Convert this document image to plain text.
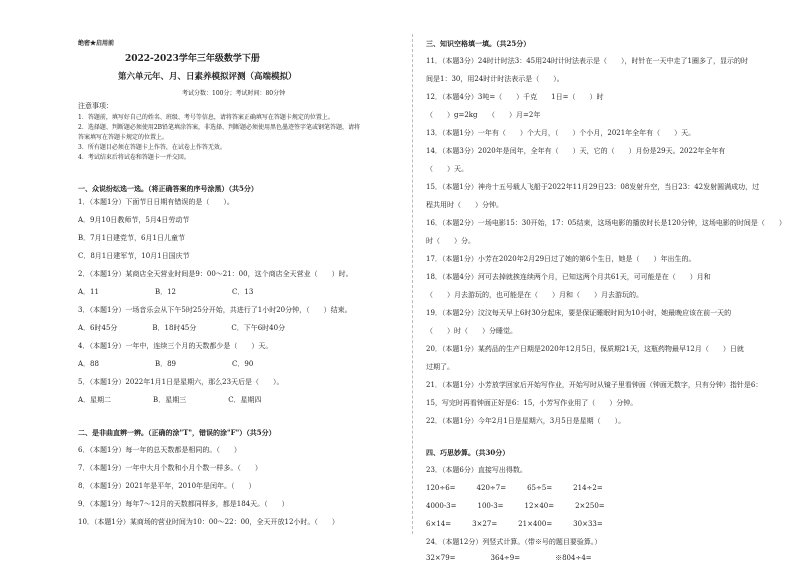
绝密★启用前
2022-2023学年三年级数学下册
第六单元年、月、日素养模拟评测（高端模拟）
考试分数：100分；考试时间：80分钟
注意事项：
1．答题前，填写好自己的姓名、班级、考号等信息，请将答案正确填写在答题卡规定的位置上。
2．选择题、判断题必须使用2B铅笔填涂答案，非选择、判断题必须使用黑色墨迹签字笔或钢笔答题，请将
答案填写在答题卡规定的位置上。
3．所有题目必须在答题卡上作答，在试卷上作答无效。
4．考试结束后将试卷和答题卡一并交回。
一、众说纷纭选一选。（将正确答案的序号涂黑）（共5分）
1．（本题1分）下面节日日期有错误的是（　　）。
A．9月10日教师节，5月4日劳动节
B．7月1日建党节，6月1日儿童节
C．8月1日建军节，10月1日国庆节
2．（本题1分）某商店全天营业时间是9：00～21：00，这个商店全天营业（　　）时。
A．11　　　　　　　　B．12　　　　　　　　C．13
3．（本题1分）一场音乐会从下午5时25分开始，共进行了1小时20分钟，（　　）结束。
A．6时45分　　　　　B．18时45分　　　　　C．下午6时40分
4．（本题1分）一年中，连续三个月的天数都少是（　　）天。
A．88　　　　　　　　B．89　　　　　　　　C．90
5．（本题1分）2022年1月1日是星期六，那么23天后是（　　）。
A．星期二　　　　　　B．星期三　　　　　　C．星期四
二、是非曲直辨一辨。（正确的涂"T"，错误的涂"F"）（共5分）
6．（本题1分）每一年的总天数都是相同的。（　　）
7．（本题1分）一年中大月个数和小月个数一样多。（　　）
8．（本题1分）2021年是平年，2010年是闰年。（　　）
9．（本题1分）每年7～12月的天数都同样多，都是184天。（　　）
10．（本题1分）某商场的营业时间为10：00～22：00，全天开放12小时。（　　）
三、知识空格填一填。（共25分）
11．（本题3分）24时计时法3：45用24时计时法表示是（　　），时针在一天中走了1圈多了，显示的时
间是1：30，用24时计时法表示是（　　）。
12．（本题4分）3吨=（　　）千克　　1日=（　　）时
（　　）g=2kg　　（　　）月=2年
13．（本题1分）一年有（　　）个大月，（　　）个小月，2021年全年有（　　）天。
14．（本题3分）2020年是闰年，全年有（　　）天，它的（　　）月份是29天。2022年全年有
（　　）天。
15．（本题1分）神舟十五号载人飞船于2022年11月29日23：08发射升空，当日23：42发射圆满成功，过
程共用时（　　）分钟。
16．（本题2分）一场电影15：30开始，17：05结束，这场电影的播放时长是120分钟，这场电影的时间是（　　）
时（　　）分。
17．（本题1分）小芳在2020年2月29日过了她的第6个生日，她是（　　）年出生的。
18．（本题4分）河可去掉就挨连续两个月，已知这两个月共61天，可可能是在（　　）月和
（　　）月去游玩的，也可能是在（　　）月和（　　）月去游玩的。
19．（本题2分）汶汶每天早上6时30分起床，要是保证睡眠时间为10小时，她最晚应该在前一天的
（　　）时（　　）分睡觉。
20．（本题1分）某药品的生产日期是2020年12月5日，保质期21天，这瓶药物最早12月（　　）日就
过期了。
21．（本题1分）小芳放学回家后开始写作业，开始写时从镜子里看钟面（钟面无数字，只有分钟）指针是6：
15，写完时再看钟面正好是6：15，小芳写作业用了（　　）分钟。
22．（本题1分）今年2月1日是星期六，3月5日是星期（　　）。
四、巧思妙算。（共30分）
23．（本题6分）直接写出得数。
120÷6=　　　420÷7=　　　65÷5=　　　214÷2=
4000-3=　　　100-3=　　　12×40=　　　2×250=
6×14=　　　3×27=　　　21×400=　　　30×33=
24．（本题12分）列竖式计算。（带※号的题目要验算。）
32×79=　　　　　364÷9=　　　　　※804÷4=
